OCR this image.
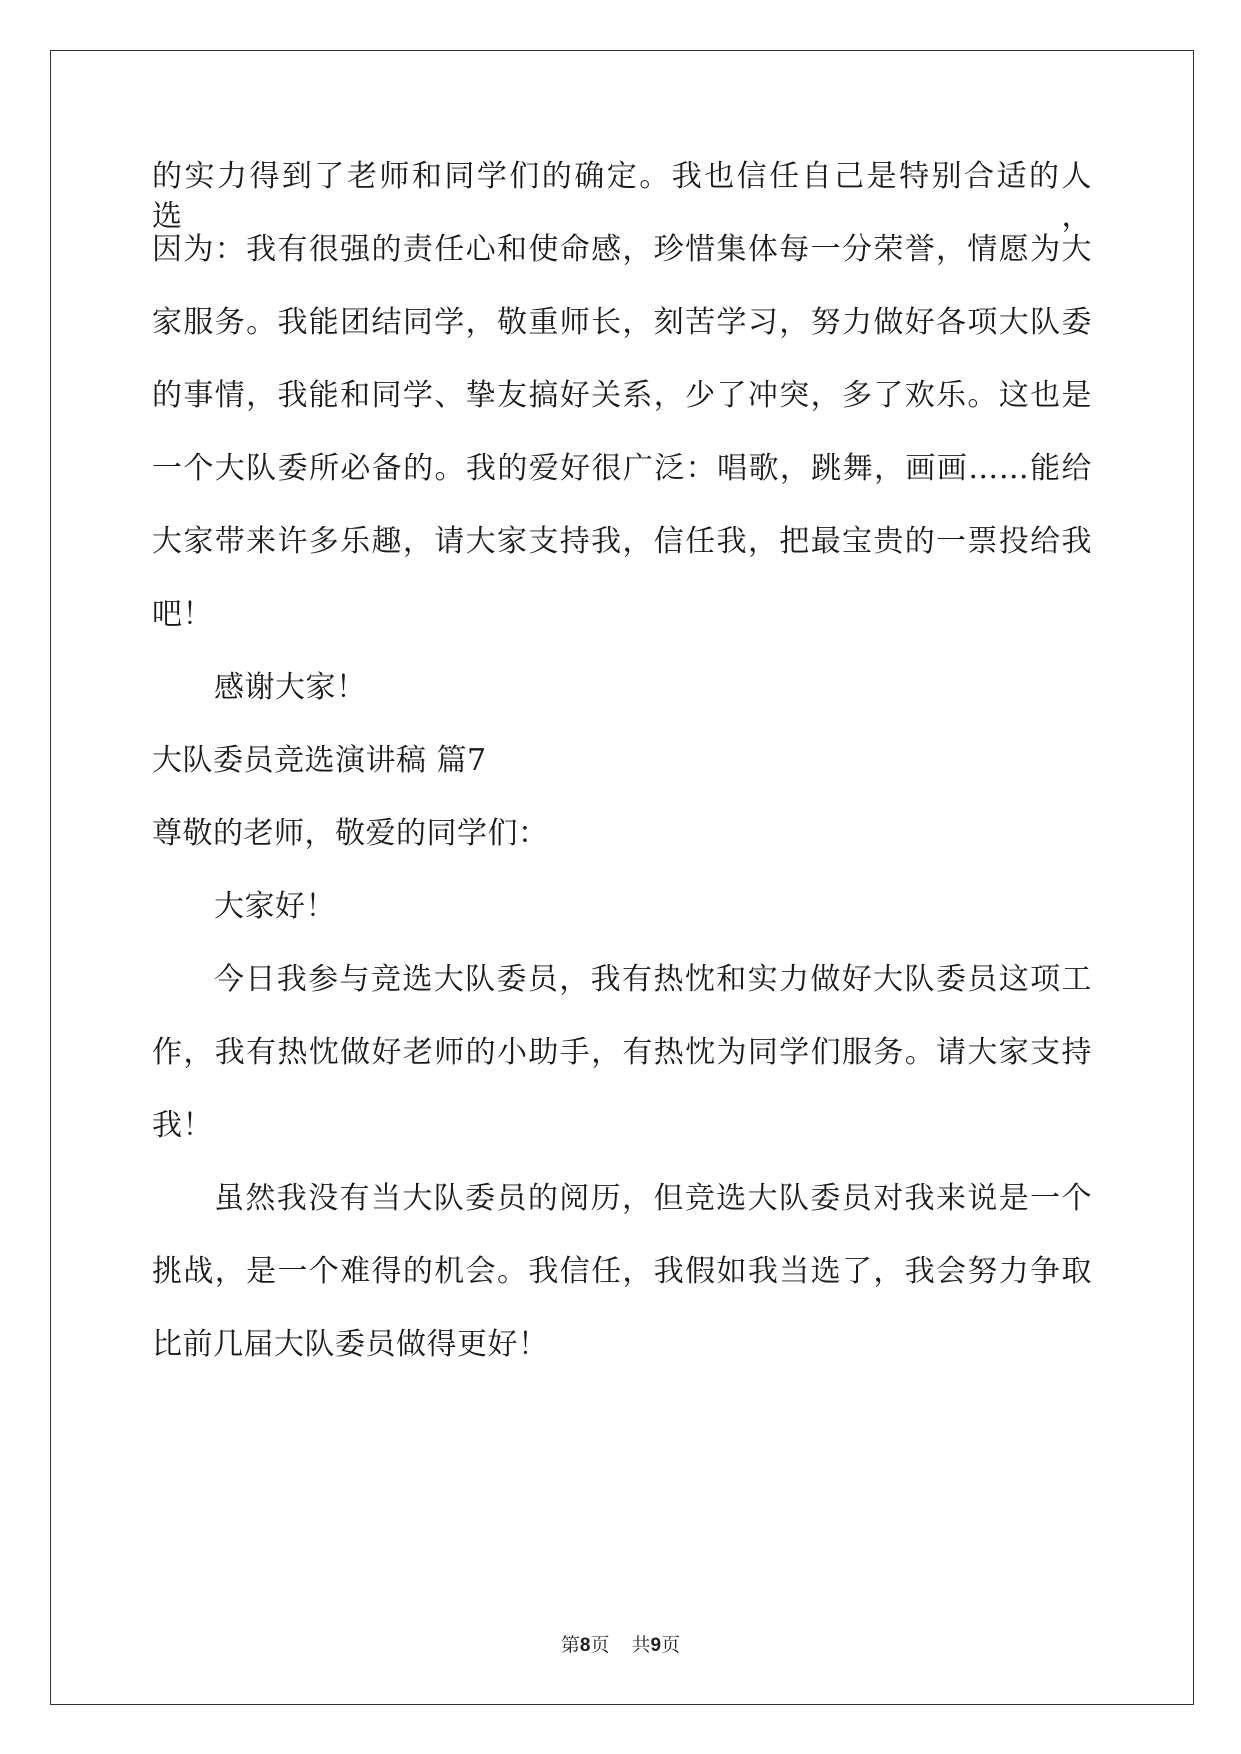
的实力得到了老师和同学们的确定。我也信任自己是特别合适的人选，
因为：我有很强的责任心和使命感，珍惜集体每一分荣誉，情愿为大
家服务。我能团结同学，敬重师长，刻苦学习，努力做好各项大队委
的事情，我能和同学、挚友搞好关系，少了冲突，多了欢乐。这也是
一个大队委所必备的。我的爱好很广泛：唱歌，跳舞，画画……能给
大家带来许多乐趣，请大家支持我，信任我，把最宝贵的一票投给我
吧！
感谢大家！
大队委员竞选演讲稿 篇7
尊敬的老师，敬爱的同学们：
大家好！
今日我参与竞选大队委员，我有热忱和实力做好大队委员这项工
作，我有热忱做好老师的小助手，有热忱为同学们服务。请大家支持
我！
虽然我没有当大队委员的阅历，但竞选大队委员对我来说是一个
挑战，是一个难得的机会。我信任，我假如我当选了，我会努力争取
比前几届大队委员做得更好！
第8页 共9页
